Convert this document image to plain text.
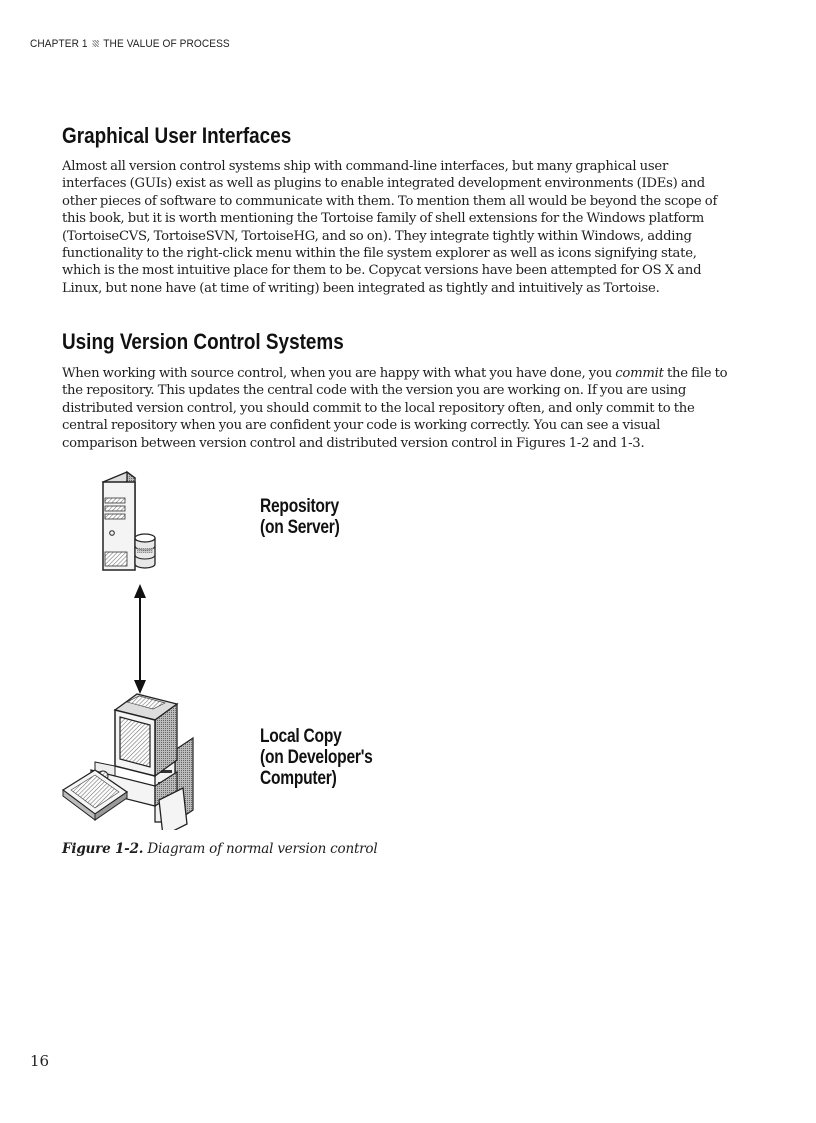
CHAPTER 1 THE VALUE OF PROCESS
Graphical User Interfaces
Almost all version control systems ship with command-line interfaces, but many graphical user
interfaces (GUIs) exist as well as plugins to enable integrated development environments (IDEs) and
other pieces of software to communicate with them. To mention them all would be beyond the scope of
this book, but it is worth mentioning the Tortoise family of shell extensions for the Windows platform
(TortoiseCVS, TortoiseSVN, TortoiseHG, and so on). They integrate tightly within Windows, adding
functionality to the right-click menu within the file system explorer as well as icons signifying state,
which is the most intuitive place for them to be. Copycat versions have been attempted for OS X and
Linux, but none have (at time of writing) been integrated as tightly and intuitively as Tortoise.
Using Version Control Systems
When working with source control, when you are happy with what you have done, you commit the file to
the repository. This updates the central code with the version you are working on. If you are using
distributed version control, you should commit to the local repository often, and only commit to the
central repository when you are confident your code is working correctly. You can see a visual
comparison between version control and distributed version control in Figures 1-2 and 1-3.
Repository
(on Server)
Local Copy
(on Developer's
Computer)
Figure 1-2. Diagram of normal version control
16
